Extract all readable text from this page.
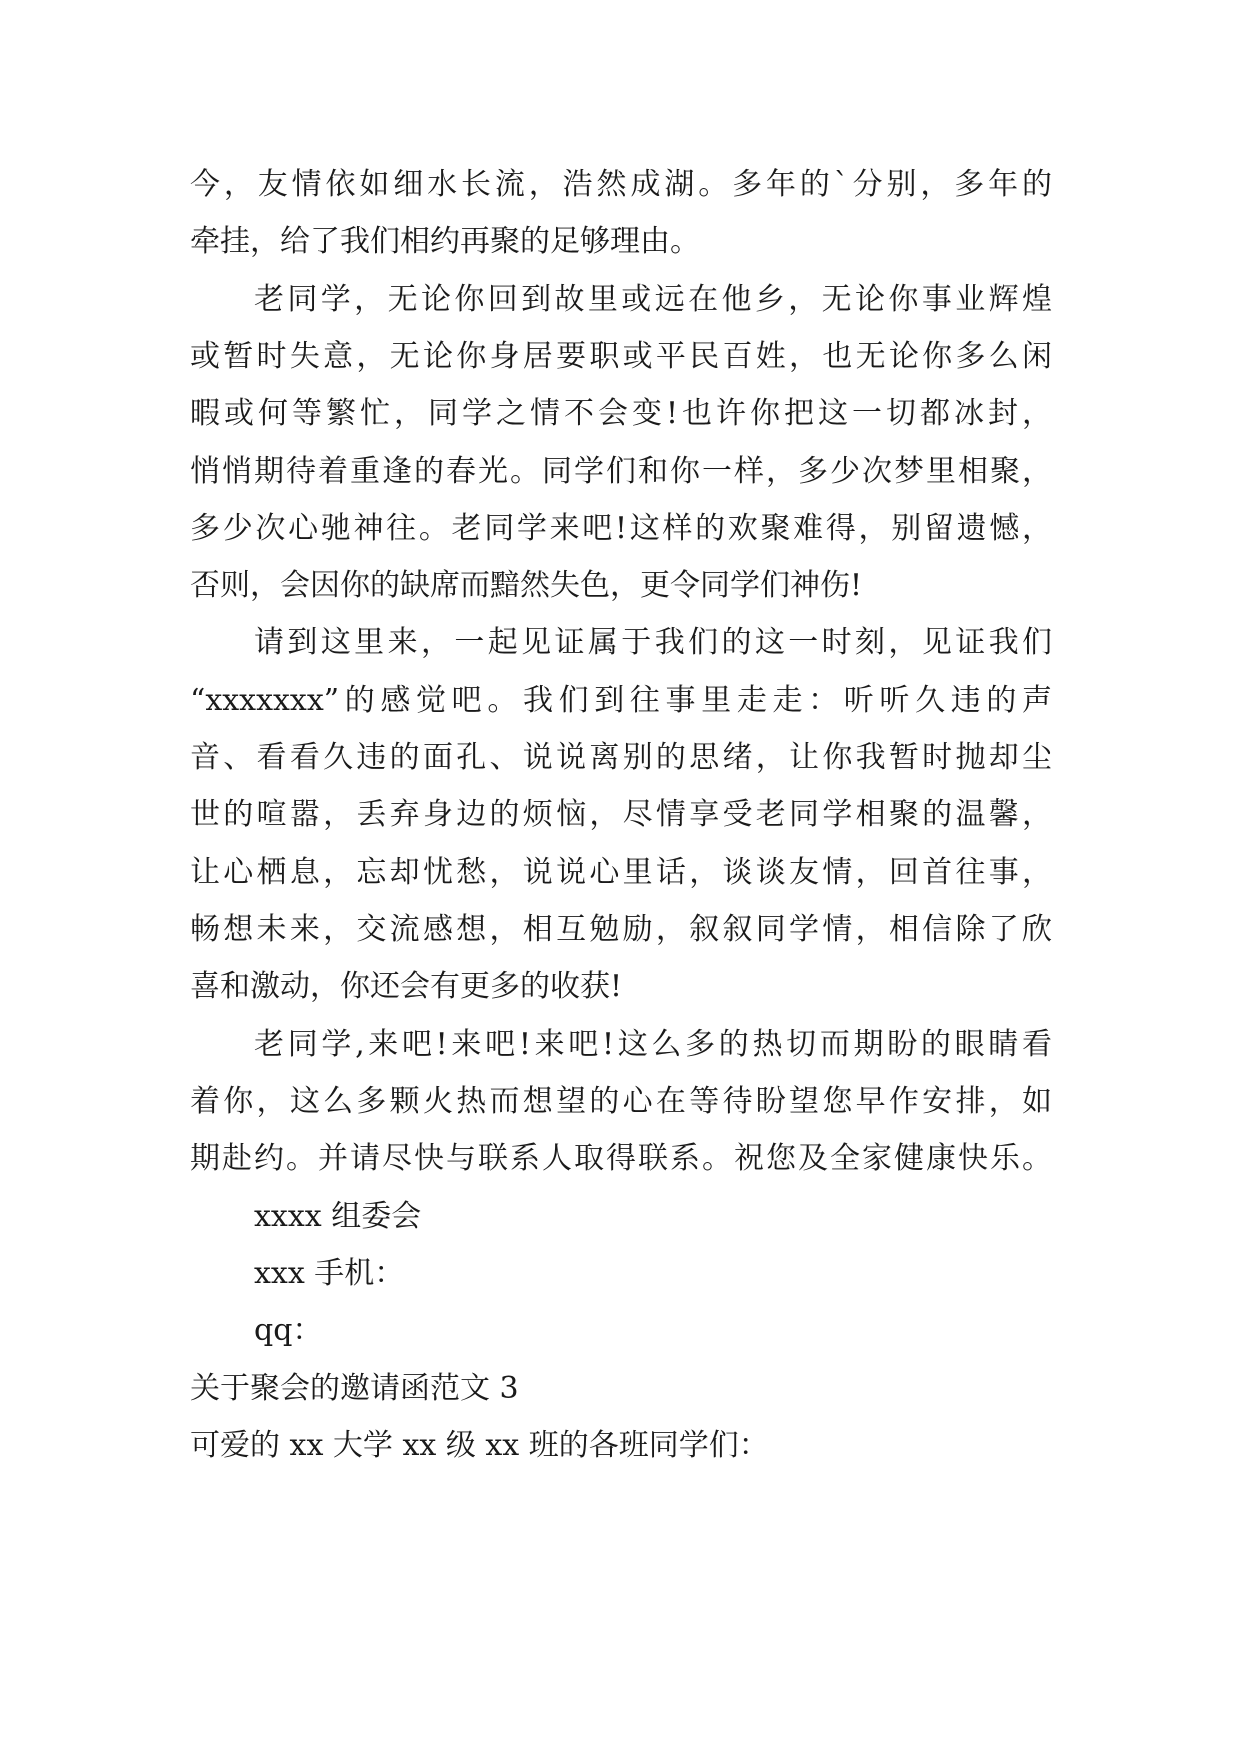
今，友情依如细水长流，浩然成湖。多年的`分别，多年的
牵挂，给了我们相约再聚的足够理由。
老同学，无论你回到故里或远在他乡，无论你事业辉煌
或暂时失意，无论你身居要职或平民百姓，也无论你多么闲
暇或何等繁忙，同学之情不会变!也许你把这一切都冰封，
悄悄期待着重逢的春光。同学们和你一样，多少次梦里相聚，
多少次心驰神往。老同学来吧!这样的欢聚难得，别留遗憾，
否则，会因你的缺席而黯然失色，更令同学们神伤!
请到这里来，一起见证属于我们的这一时刻，见证我们
“xxxxxxx”的感觉吧。我们到往事里走走：听听久违的声
音、看看久违的面孔、说说离别的思绪，让你我暂时抛却尘
世的喧嚣，丢弃身边的烦恼，尽情享受老同学相聚的温馨，
让心栖息，忘却忧愁，说说心里话，谈谈友情，回首往事，
畅想未来，交流感想，相互勉励，叙叙同学情，相信除了欣
喜和激动，你还会有更多的收获!
老同学,来吧!来吧!来吧!这么多的热切而期盼的眼睛看
着你，这么多颗火热而想望的心在等待盼望您早作安排，如
期赴约。并请尽快与联系人取得联系。祝您及全家健康快乐。
xxxx 组委会
xxx 手机：
qq：
关于聚会的邀请函范文 3
可爱的 xx 大学 xx 级 xx 班的各班同学们：
